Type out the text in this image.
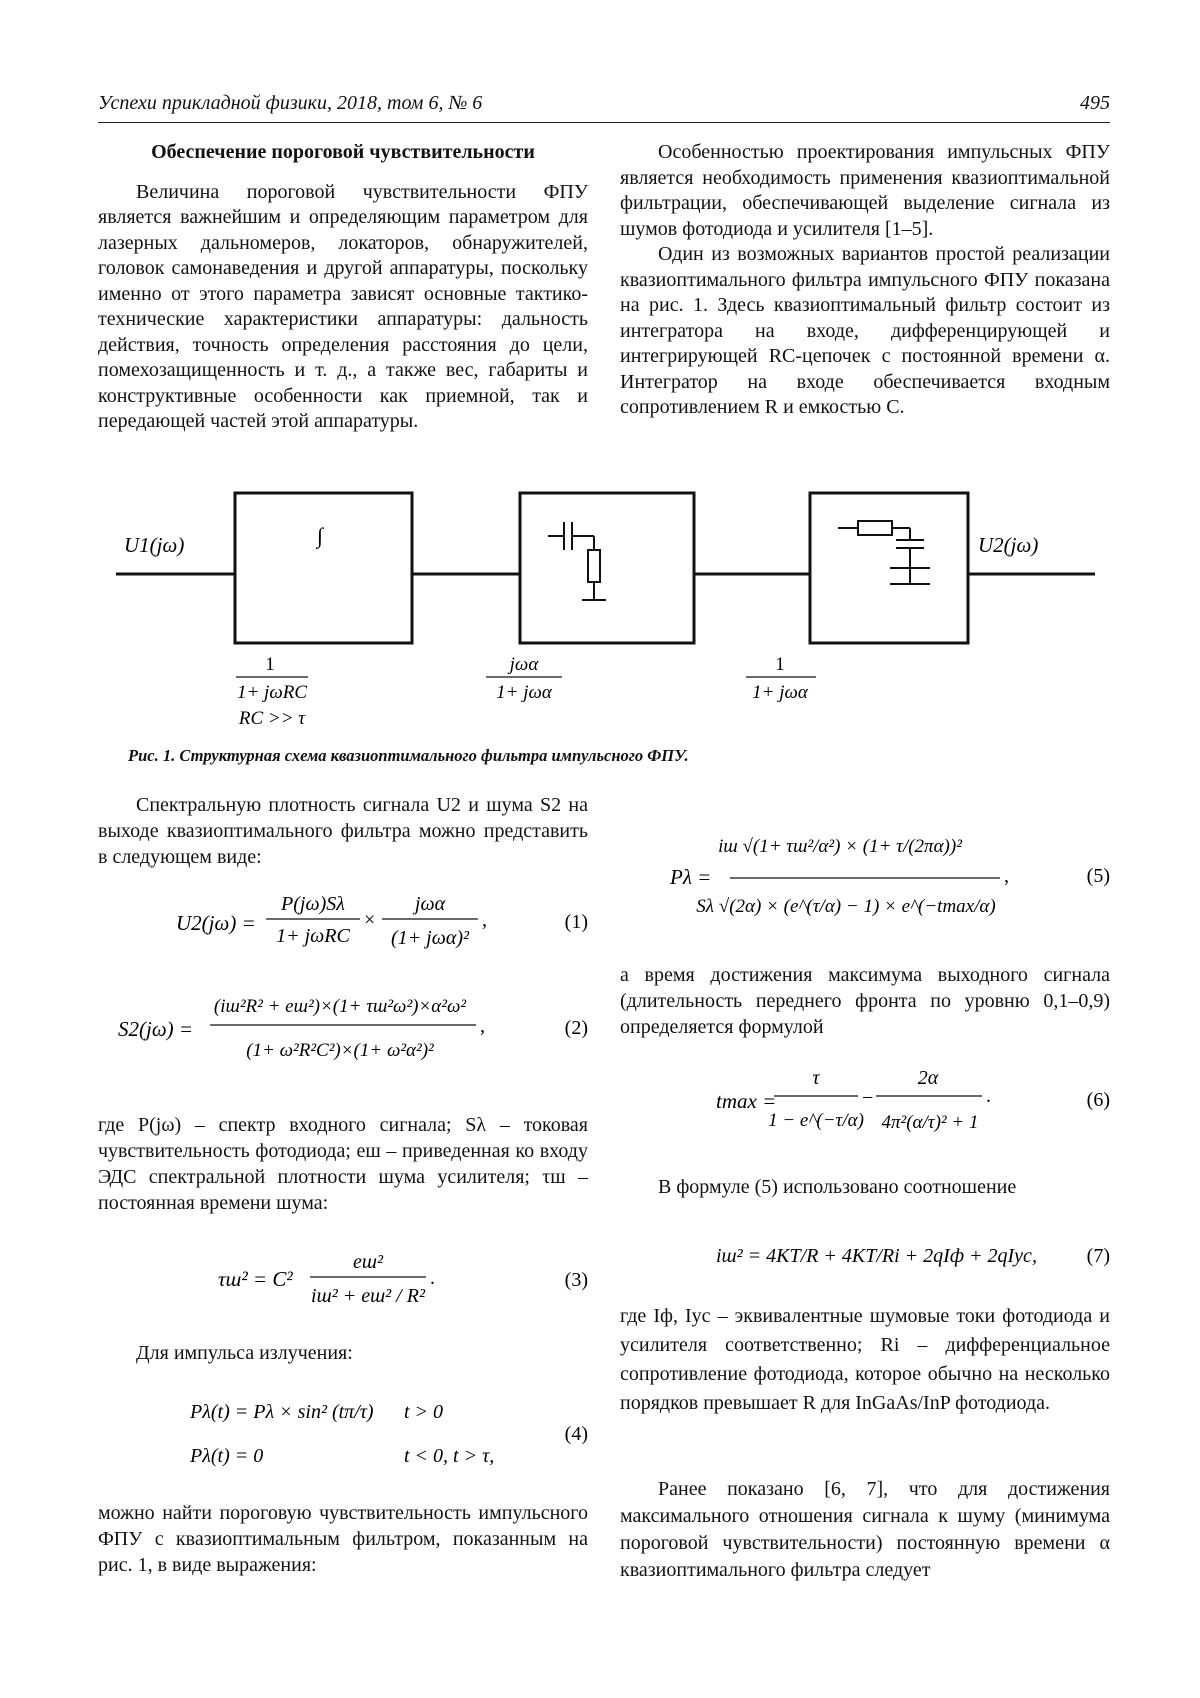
Успехи прикладной физики, 2018, том 6, № 6	495
Обеспечение пороговой чувствительности

Величина пороговой чувствительности ФПУ является важнейшим и определяющим параметром для лазерных дальномеров, локаторов, обнаружителей, головок самонаведения и другой аппаратуры, поскольку именно от этого параметра зависят основные тактико-технические характеристики аппаратуры: дальность действия, точность определения расстояния до цели, помехозащищенность и т. д., а также вес, габариты и конструктивные особенности как приемной, так и передающей частей этой аппаратуры.

Особенностью проектирования импульсных ФПУ является необходимость применения квазиоптимальной фильтрации, обеспечивающей выделение сигнала из шумов фотодиода и усилителя [1–5].

Один из возможных вариантов простой реализации квазиоптимального фильтра импульсного ФПУ показана на рис. 1. Здесь квазиоптимальный фильтр состоит из интегратора на входе, дифференцирующей и интегрирующей RC-цепочек с постоянной времени α. Интегратор на входе обеспечивается входным сопротивлением R и емкостью C.

∫
U1(jω)	U2(jω)
1
1+ jωRC
RC >> τ
jωα
1+ jωα
1
1+ jωα
Рис. 1. Структурная схема квазиоптимального фильтра импульсного ФПУ.

Спектральную плотность сигнала U2 и шума S2 на выходе квазиоптимального фильтра можно представить в следующем виде:

U2(jω) =
P(jω)Sλ
1+ jωRC
×
jωα
(1+ jωα)²
,	(1)
S2(jω) =
(iш²R² + eш²)×(1+ τш²ω²)×α²ω²
(1+ ω²R²C²)×(1+ ω²α²)²
,	(2)

где P(jω) – спектр входного сигнала; Sλ – токовая чувствительность фотодиода; eш – приведенная ко входу ЭДС спектральной плотности шума усилителя; τш – постоянная времени шума:

τш² = C²
eш²
iш² + eш² / R²
.	(3)

Для импульса излучения:

Pλ(t) = Pλ × sin² (tπ/τ) t > 0
Pλ(t) = 0	t < 0, t > τ,
(4)

можно найти пороговую чувствительность импульсного ФПУ с квазиоптимальным фильтром, показанным на рис. 1, в виде выражения:

Pλ =
iш √(1+ τш²/α²) × (1+ τ/(2πα))²
Sλ √(2α) × (e^(τ/α) − 1) × e^(−tmax/α)
,	(5)

а время достижения максимума выходного сигнала (длительность переднего фронта по уровню 0,1–0,9) определяется формулой

tmax =
τ
1 − e^(−τ/α)
−
2α
4π²(α/τ)² + 1
.	(6)

В формуле (5) использовано соотношение

iш² = 4KT/R + 4KT/Ri + 2qIф + 2qIус, (7)

где Iф, Iус – эквивалентные шумовые токи фотодиода и усилителя соответственно; Ri – дифференциальное сопротивление фотодиода, которое обычно на несколько порядков превышает R для InGaAs/InP фотодиода.

Ранее показано [6, 7], что для достижения максимального отношения сигнала к шуму (минимума пороговой чувствительности) постоянную времени α квазиоптимального фильтра следует
